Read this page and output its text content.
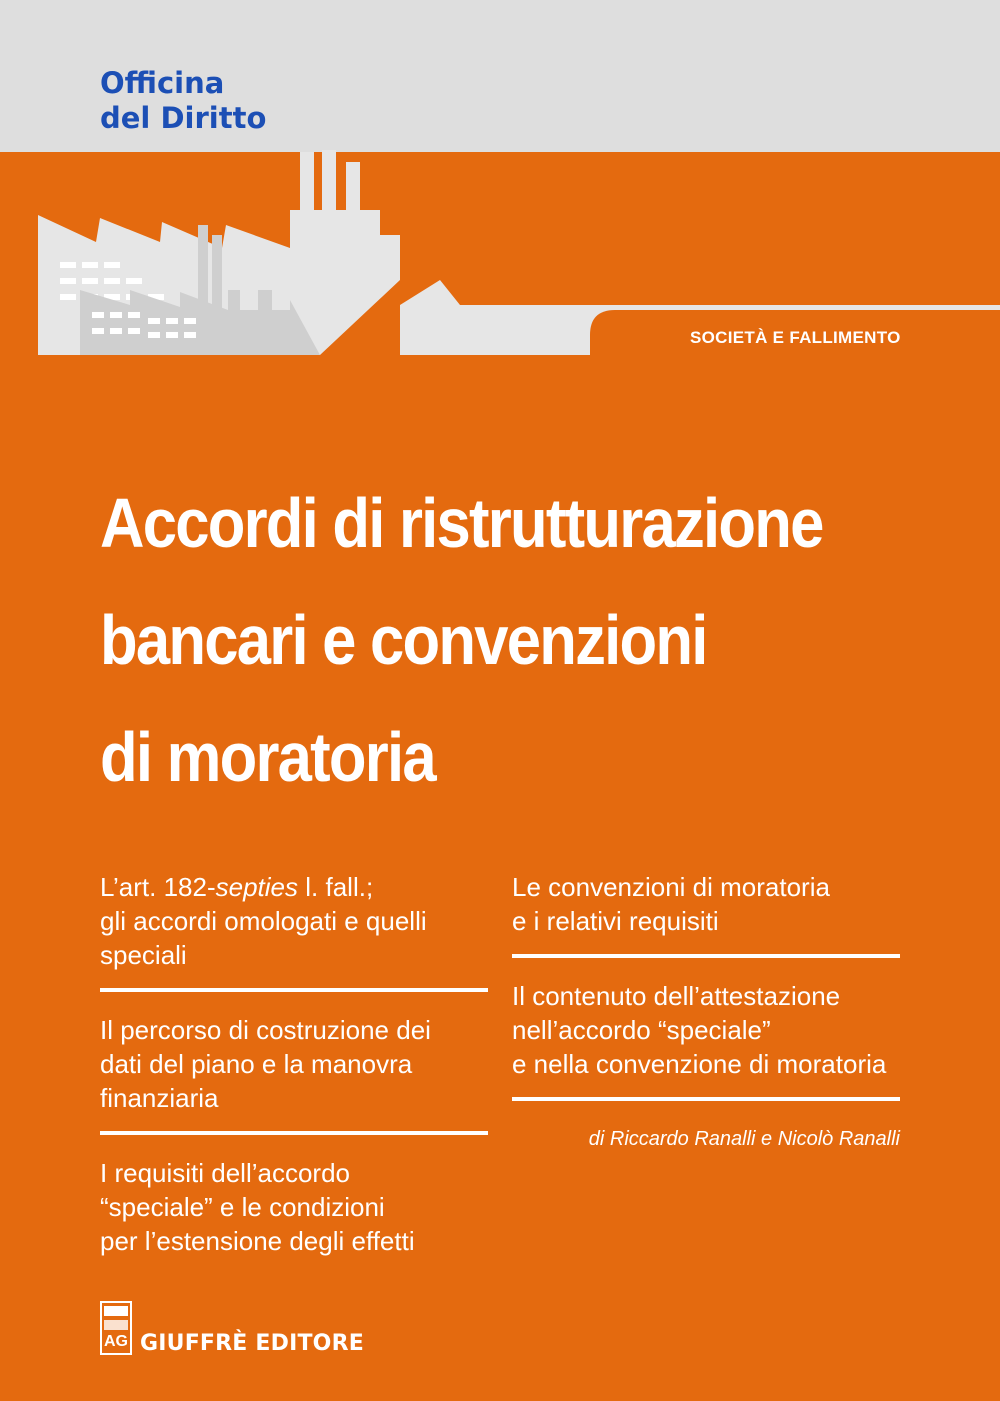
Officina
del Diritto
SOCIETÀ E FALLIMENTO
Accordi di ristrutturazione
bancari e convenzioni
di moratoria
L’art. 182-septies l. fall.;
gli accordi omologati e quelli
speciali
Il percorso di costruzione dei
dati del piano e la manovra
finanziaria
I requisiti dell’accordo
“speciale” e le condizioni
per l’estensione degli effetti
Le convenzioni di moratoria
e i relativi requisiti
Il contenuto dell’attestazione
nell’accordo “speciale”
e nella convenzione di moratoria
di Riccardo Ranalli e Nicolò Ranalli
AG GIUFFRÈ EDITORE
